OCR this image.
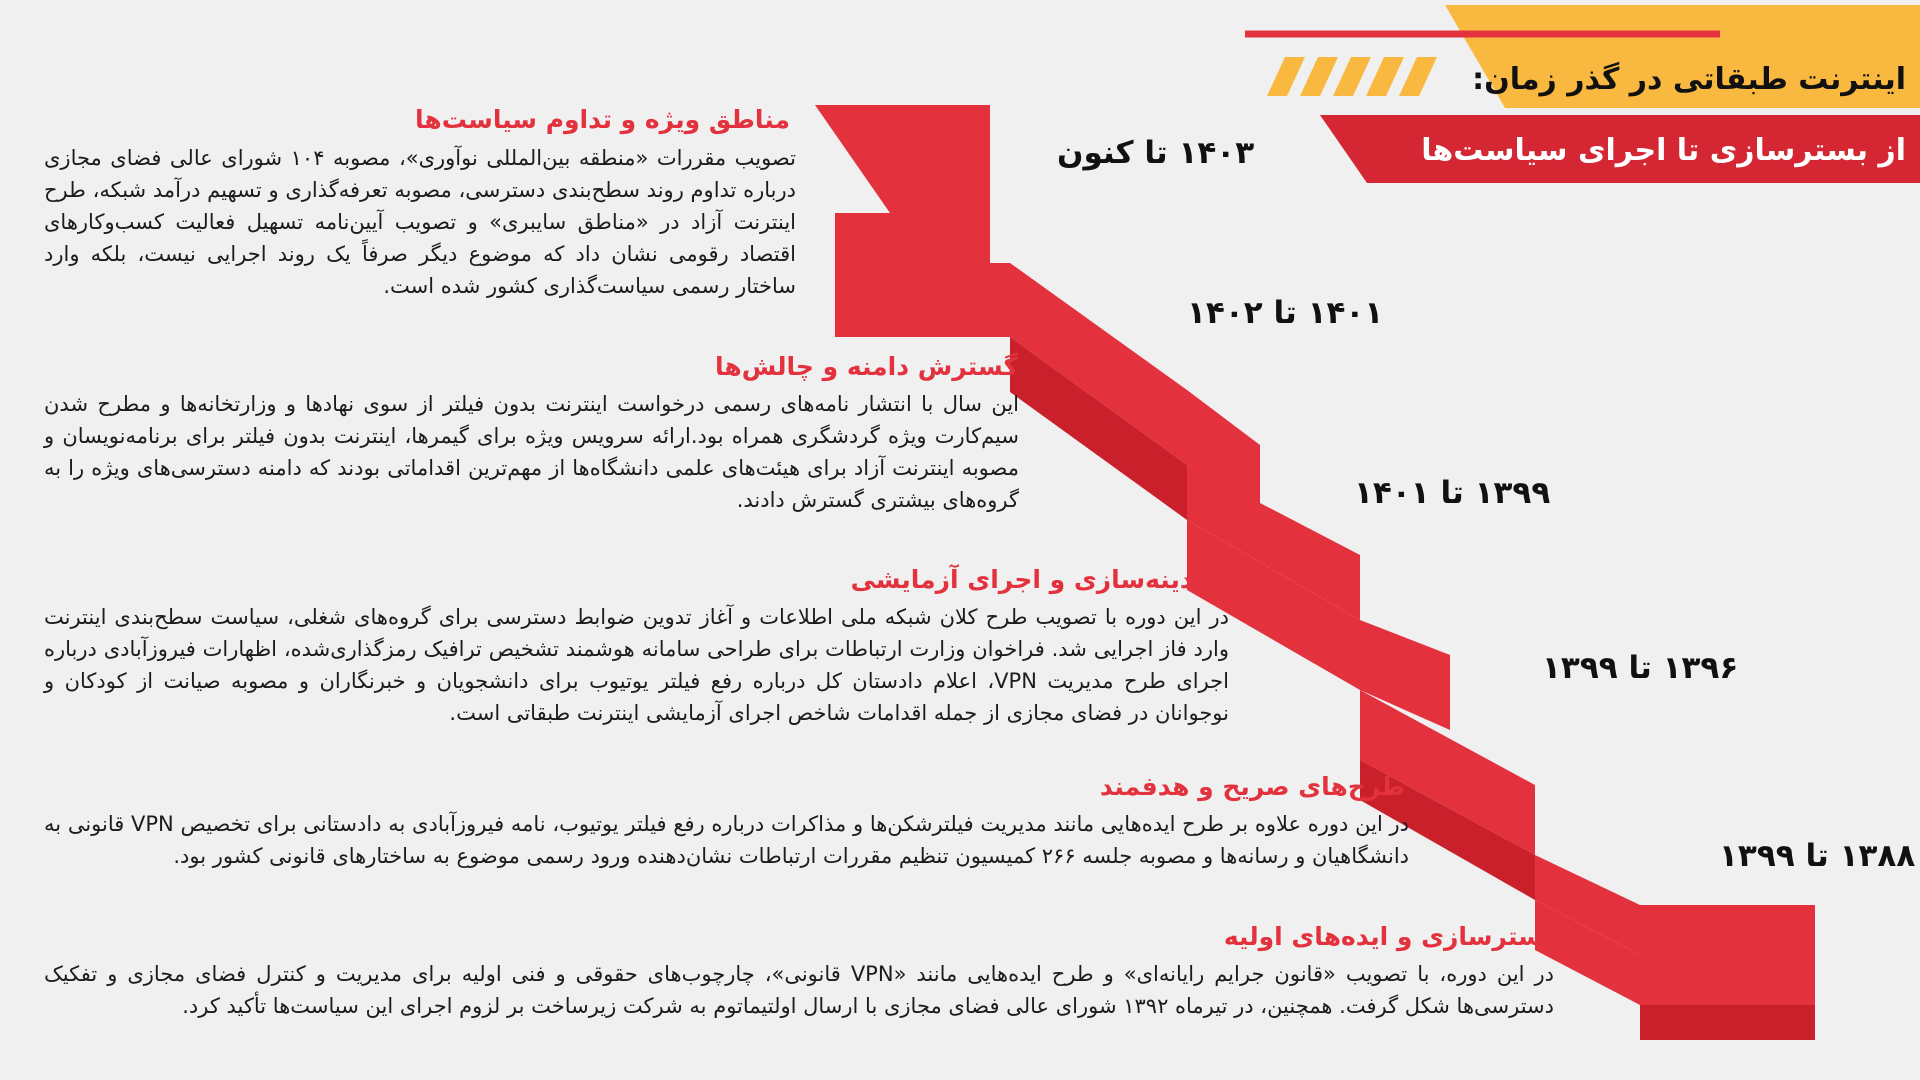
اینترنت طبقاتی در گذر زمان:
از بسترسازی تا اجرای سیاست‌ها
۱۴۰۳ تا کنون
۱۴۰۱ تا ۱۴۰۲
۱۳۹۹ تا ۱۴۰۱
۱۳۹۶ تا ۱۳۹۹
۱۳۸۸ تا ۱۳۹۹
مناطق ویژه و تداوم سیاست‌ها
تصویب مقررات «منطقه بین‌المللی نوآوری»، مصوبه ۱۰۴ شورای عالی فضای مجازی درباره تداوم روند سطح‌بندی دسترسی، مصوبه تعرفه‌گذاری و تسهیم درآمد شبکه، طرح اینترنت آزاد در «مناطق سایبری» و تصویب آیین‌نامه تسهیل فعالیت کسب‌وکارهای اقتصاد رقومی نشان داد که موضوع دیگر صرفاً یک روند اجرایی نیست، بلکه وارد ساختار رسمی سیاست‌گذاری کشور شده است.
گسترش دامنه و چالش‌ها
این سال با انتشار نامه‌های رسمی درخواست اینترنت بدون فیلتر از سوی نهادها و وزارتخانه‌ها و مطرح شدن سیم‌کارت ویژه گردشگری همراه بود.ارائه سرویس ویژه برای گیمرها، اینترنت بدون فیلتر برای برنامه‌نویسان و مصوبه اینترنت آزاد برای هیئت‌های علمی دانشگاه‌ها از مهم‌ترین اقداماتی بودند که دامنه دسترسی‌های ویژه را به گروه‌های بیشتری گسترش دادند.
نهادینه‌سازی و اجرای آزمایشی
در این دوره با تصویب طرح کلان شبکه ملی اطلاعات و آغاز تدوین ضوابط دسترسی برای گروه‌های شغلی، سیاست سطح‌بندی اینترنت وارد فاز اجرایی شد. فراخوان وزارت ارتباطات برای طراحی سامانه هوشمند تشخیص ترافیک رمزگذاری‌شده، اظهارات فیروزآبادی درباره اجرای طرح مدیریت VPN، اعلام دادستان کل درباره رفع فیلتر یوتیوب برای دانشجویان و خبرنگاران و مصوبه صیانت از کودکان و نوجوانان در فضای مجازی از جمله اقدامات شاخص اجرای آزمایشی اینترنت طبقاتی است.
طرح‌های صریح و هدفمند
در این دوره علاوه بر طرح ایده‌هایی مانند مدیریت فیلترشکن‌ها و مذاکرات درباره رفع فیلتر یوتیوب، نامه فیروزآبادی به دادستانی برای تخصیص VPN قانونی به دانشگاهیان و رسانه‌ها و مصوبه جلسه ۲۶۶ کمیسیون تنظیم مقررات ارتباطات نشان‌دهنده ورود رسمی موضوع به ساختارهای قانونی کشور بود.
بسترسازی و ایده‌های اولیه
در این دوره، با تصویب «قانون جرایم رایانه‌ای» و طرح ایده‌هایی مانند «VPN قانونی»، چارچوب‌های حقوقی و فنی اولیه برای مدیریت و کنترل فضای مجازی و تفکیک دسترسی‌ها شکل گرفت. همچنین، در تیرماه ۱۳۹۲ شورای عالی فضای مجازی با ارسال اولتیماتوم به شرکت زیرساخت بر لزوم اجرای این سیاست‌ها تأکید کرد.
